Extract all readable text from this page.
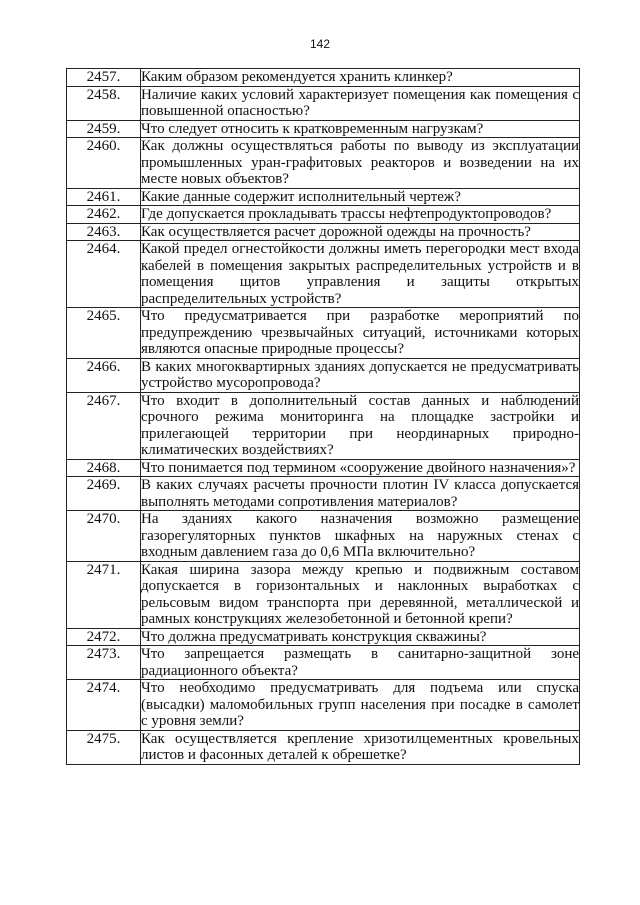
142
2457.	Каким образом рекомендуется хранить клинкер?
2458.	Наличие каких условий характеризует помещения как помещения с повышенной опасностью?
2459.	Что следует относить к кратковременным нагрузкам?
2460.	Как должны осуществляться работы по выводу из эксплуатации промышленных уран-графитовых реакторов и возведении на их месте новых объектов?
2461.	Какие данные содержит исполнительный чертеж?
2462.	Где допускается прокладывать трассы нефтепродуктопроводов?
2463.	Как осуществляется расчет дорожной одежды на прочность?
2464.	Какой предел огнестойкости должны иметь перегородки мест входа кабелей в помещения закрытых распределительных устройств и в помещения щитов управления и защиты открытых распределительных устройств?
2465.	Что предусматривается при разработке мероприятий по предупреждению чрезвычайных ситуаций, источниками которых являются опасные природные процессы?
2466.	В каких многоквартирных зданиях допускается не предусматривать устройство мусоропровода?
2467.	Что входит в дополнительный состав данных и наблюдений срочного режима мониторинга на площадке застройки и прилегающей территории при неординарных природно-климатических воздействиях?
2468.	Что понимается под термином «сооружение двойного назначения»?
2469.	В каких случаях расчеты прочности плотин IV класса допускается выполнять методами сопротивления материалов?
2470.	На зданиях какого назначения возможно размещение газорегуляторных пунктов шкафных на наружных стенах с входным давлением газа до 0,6 МПа включительно?
2471.	Какая ширина зазора между крепью и подвижным составом допускается в горизонтальных и наклонных выработках с рельсовым видом транспорта при деревянной, металлической и рамных конструкциях железобетонной и бетонной крепи?
2472.	Что должна предусматривать конструкция скважины?
2473.	Что запрещается размещать в санитарно-защитной зоне радиационного объекта?
2474.	Что необходимо предусматривать для подъема или спуска (высадки) маломобильных групп населения при посадке в самолет с уровня земли?
2475.	Как осуществляется крепление хризотилцементных кровельных листов и фасонных деталей к обрешетке?
